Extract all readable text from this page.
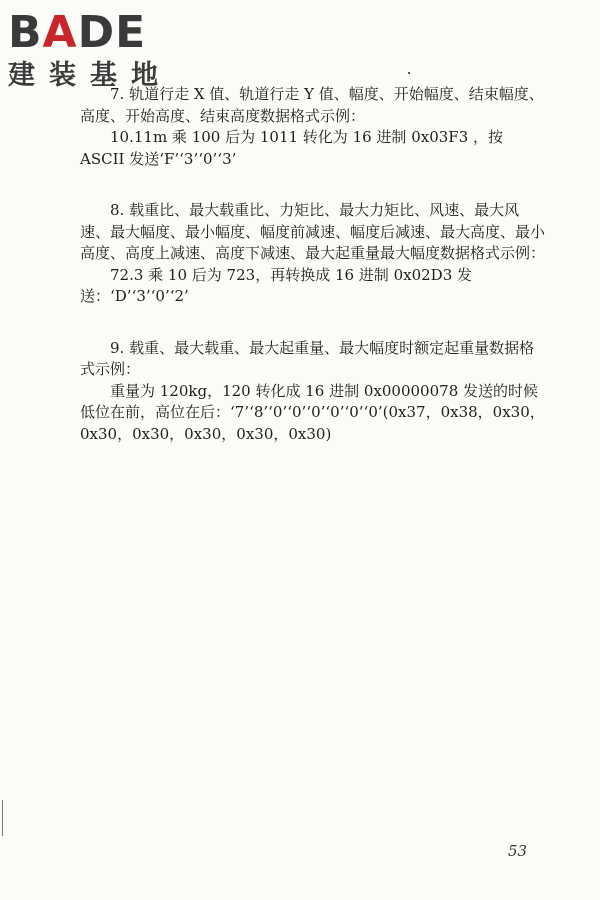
BADE
建装基地

7. 轨道行走 X 值、轨道行走 Y 值、幅度、开始幅度、结束幅度、高度、开始高度、结束高度数据格式示例：

10.11m 乘 100 后为 1011 转化为 16 进制 0x03F3 ，按 ASCII 发送‘F’‘3’‘0’‘3’

8. 载重比、最大载重比、力矩比、最大力矩比、风速、最大风速、最大幅度、最小幅度、幅度前减速、幅度后减速、最大高度、最小高度、高度上减速、高度下减速、最大起重量最大幅度数据格式示例：

72.3 乘 10 后为 723，再转换成 16 进制 0x02D3 发送：‘D’‘3’‘0’‘2’

9. 载重、最大载重、最大起重量、最大幅度时额定起重量数据格式示例：

重量为 120kg，120 转化成 16 进制 0x00000078 发送的时候低位在前，高位在后：‘7’‘8’‘0’‘0’‘0’‘0’‘0’‘0’(0x37，0x38，0x30，0x30，0x30，0x30，0x30，0x30)

53
